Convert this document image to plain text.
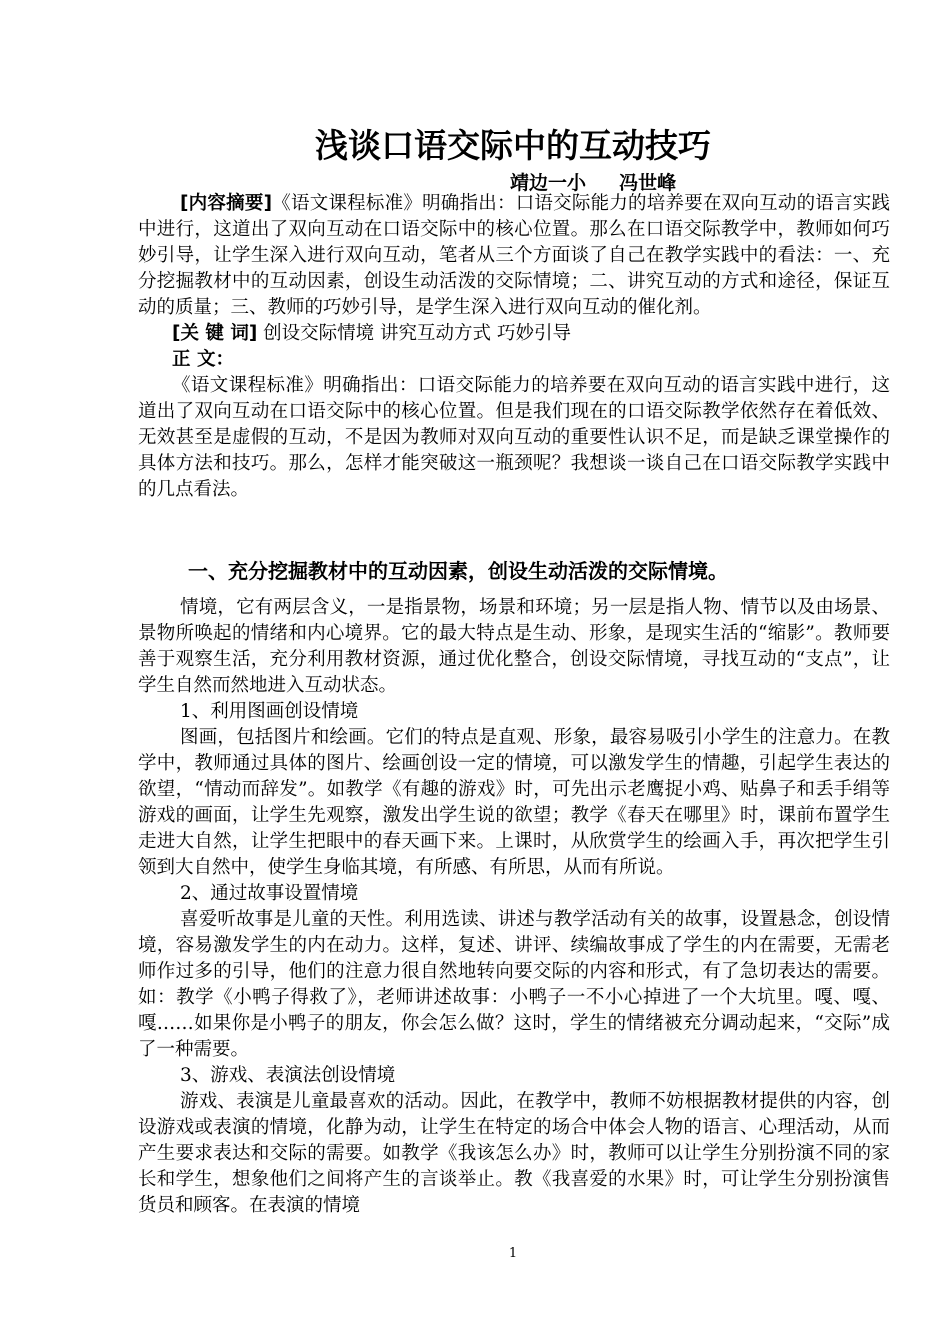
浅谈口语交际中的互动技巧
靖边一小     冯世峰

[内容摘要]《语文课程标准》明确指出：口语交际能力的培养要在双向互动的语言实践中进行，这道出了双向互动在口语交际中的核心位置。那么在口语交际教学中，教师如何巧妙引导，让学生深入进行双向互动，笔者从三个方面谈了自己在教学实践中的看法：一、充分挖掘教材中的互动因素，创设生动活泼的交际情境；二、讲究互动的方式和途径，保证互动的质量；三、教师的巧妙引导，是学生深入进行双向互动的催化剂。

[关 键 词] 创设交际情境 讲究互动方式 巧妙引导

正 文：

《语文课程标准》明确指出：口语交际能力的培养要在双向互动的语言实践中进行，这道出了双向互动在口语交际中的核心位置。但是我们现在的口语交际教学依然存在着低效、无效甚至是虚假的互动，不是因为教师对双向互动的重要性认识不足，而是缺乏课堂操作的具体方法和技巧。那么，怎样才能突破这一瓶颈呢？我想谈一谈自己在口语交际教学实践中的几点看法。

一、充分挖掘教材中的互动因素，创设生动活泼的交际情境。

情境，它有两层含义，一是指景物，场景和环境；另一层是指人物、情节以及由场景、景物所唤起的情绪和内心境界。它的最大特点是生动、形象，是现实生活的“缩影”。教师要善于观察生活，充分利用教材资源，通过优化整合，创设交际情境，寻找互动的“支点”，让学生自然而然地进入互动状态。

1、利用图画创设情境

图画，包括图片和绘画。它们的特点是直观、形象，最容易吸引小学生的注意力。在教学中，教师通过具体的图片、绘画创设一定的情境，可以激发学生的情趣，引起学生表达的欲望，“情动而辞发”。如教学《有趣的游戏》时，可先出示老鹰捉小鸡、贴鼻子和丢手绢等游戏的画面，让学生先观察，激发出学生说的欲望；教学《春天在哪里》时，课前布置学生走进大自然，让学生把眼中的春天画下来。上课时，从欣赏学生的绘画入手，再次把学生引领到大自然中，使学生身临其境，有所感、有所思，从而有所说。

2、通过故事设置情境

喜爱听故事是儿童的天性。利用选读、讲述与教学活动有关的故事，设置悬念，创设情境，容易激发学生的内在动力。这样，复述、讲评、续编故事成了学生的内在需要，无需老师作过多的引导，他们的注意力很自然地转向要交际的内容和形式，有了急切表达的需要。如：教学《小鸭子得救了》，老师讲述故事：小鸭子一不小心掉进了一个大坑里。嘎、嘎、嘎……如果你是小鸭子的朋友，你会怎么做？这时，学生的情绪被充分调动起来，“交际”成了一种需要。

3、游戏、表演法创设情境

游戏、表演是儿童最喜欢的活动。因此，在教学中，教师不妨根据教材提供的内容，创设游戏或表演的情境，化静为动，让学生在特定的场合中体会人物的语言、心理活动，从而产生要求表达和交际的需要。如教学《我该怎么办》时，教师可以让学生分别扮演不同的家长和学生，想象他们之间将产生的言谈举止。教《我喜爱的水果》时，可让学生分别扮演售货员和顾客。在表演的情境

1
